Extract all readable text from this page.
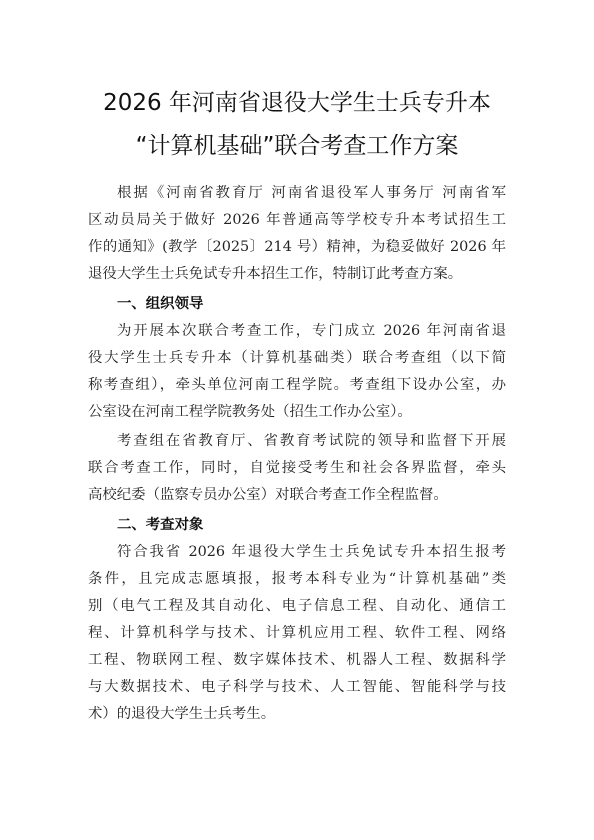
2026 年河南省退役大学生士兵专升本
“计算机基础”联合考查工作方案
根据《河南省教育厅 河南省退役军人事务厅 河南省军
区动员局关于做好 2026 年普通高等学校专升本考试招生工
作的通知》(教学〔2025〕214 号）精神，为稳妥做好 2026 年
退役大学生士兵免试专升本招生工作，特制订此考查方案。
一、组织领导
为开展本次联合考查工作，专门成立 2026 年河南省退
役大学生士兵专升本（计算机基础类）联合考查组（以下简
称考查组），牵头单位河南工程学院。考查组下设办公室，办
公室设在河南工程学院教务处（招生工作办公室）。
考查组在省教育厅、省教育考试院的领导和监督下开展
联合考查工作，同时，自觉接受考生和社会各界监督，牵头
高校纪委（监察专员办公室）对联合考查工作全程监督。
二、考查对象
符合我省 2026 年退役大学生士兵免试专升本招生报考
条件，且完成志愿填报，报考本科专业为“计算机基础”类
别（电气工程及其自动化、电子信息工程、自动化、通信工
程、计算机科学与技术、计算机应用工程、软件工程、网络
工程、物联网工程、数字媒体技术、机器人工程、数据科学
与大数据技术、电子科学与技术、人工智能、智能科学与技
术）的退役大学生士兵考生。
